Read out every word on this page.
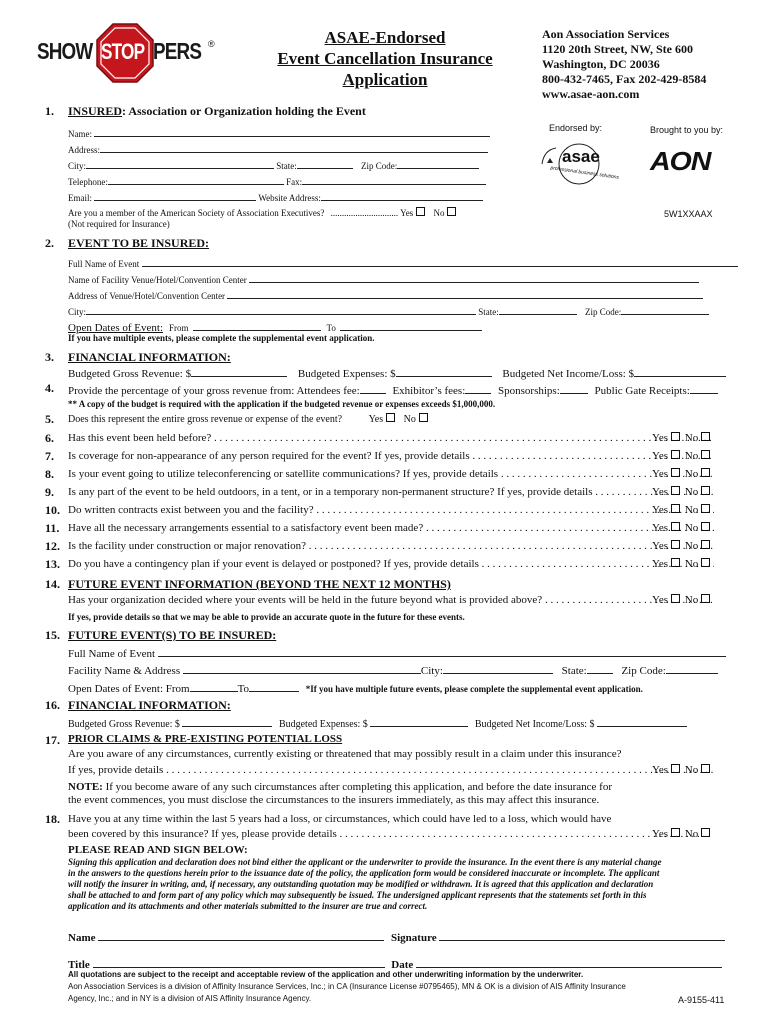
SHOW STOP PERS ®	ASAE-Endorsed
Event Cancellation Insurance
Application
Aon Association Services
1120 20th Street, NW, Ste 600
Washington, DC 20036
800-432-7465, Fax 202-429-8584
www.asae-aon.com
1. INSURED: Association or Organization holding the Event
Name:
Address:
City:	State:	Zip Code:
Telephone:	Fax:
Email:	Website Address:
Are you a member of the American Society of Association Executives? .............................. Yes No
(Not required for Insurance)
Endorsed by:	Brought to you by:
asae
professional business solutions AON
5W1XXAAX
2. EVENT TO BE INSURED:
Full Name of Event
Name of Facility Venue/Hotel/Convention Center
Address of Venue/Hotel/Convention Center
City:	State:	Zip Code:
Open Dates of Event: From	To
If you have multiple events, please complete the supplemental event application.
3. FINANCIAL INFORMATION:
Budgeted Gross Revenue: $	Budgeted Expenses: $	Budgeted Net Income/Loss: $
4. Provide the percentage of your gross revenue from: Attendees fee:	Exhibitor’s fees:	Sponsorships:	Public Gate Receipts:
** A copy of the budget is required with the application if the budgeted revenue or expenses exceeds $1,000,000.
5. Does this represent the entire gross revenue or expense of the event?	Yes No
6. Has this event been held before? . . .	Yes No
7. Is coverage for non-appearance of any person required for the event? If yes, provide details . . .	Yes No
8. Is your event going to utilize teleconferencing or satellite communications? If yes, provide details . . .	Yes No
9. Is any part of the event to be held outdoors, in a tent, or in a temporary non-permanent structure? If yes, provide details . . .	Yes No
10. Do written contracts exist between you and the facility? . . .	Yes No
11. Have all the necessary arrangements essential to a satisfactory event been made? . . .	Yes No
12. Is the facility under construction or major renovation? . . .	Yes No
13. Do you have a contingency plan if your event is delayed or postponed? If yes, provide details . . .	Yes No
14. FUTURE EVENT INFORMATION (BEYOND THE NEXT 12 MONTHS)
Has your organization decided where your events will be held in the future beyond what is provided above? . . .	Yes No
If yes, provide details so that we may be able to provide an accurate quote in the future for these events.
15. FUTURE EVENT(S) TO BE INSURED:
Full Name of Event
Facility Name & Address	City:	State:	Zip Code:
Open Dates of Event: From	To	*If you have multiple future events, please complete the supplemental event application.
16. FINANCIAL INFORMATION:
Budgeted Gross Revenue: $	Budgeted Expenses: $	Budgeted Net Income/Loss: $
17. PRIOR CLAIMS & PRE-EXISTING POTENTIAL LOSS
Are you aware of any circumstances, currently existing or threatened that may possibly result in a claim under this insurance?
If yes, provide details . . .	Yes No
NOTE: If you become aware of any such circumstances after completing this application, and before the date insurance for
the event commences, you must disclose the circumstances to the insurers immediately, as this may affect this insurance.
18. Have you at any time within the last 5 years had a loss, or circumstances, which could have led to a loss, which would have
been covered by this insurance? If yes, please provide details . . .	Yes No
PLEASE READ AND SIGN BELOW:
Signing this application and declaration does not bind either the applicant or the underwriter to provide the insurance. In the event there is any material change
in the answers to the questions herein prior to the issuance date of the policy, the application form would be considered inaccurate or incomplete. The applicant
will notify the insurer in writing, and, if necessary, any outstanding quotation may be modified or withdrawn. It is agreed that this application and declaration
shall be attached to and form part of any policy which may subsequently be issued. The undersigned applicant represents that the statements set forth in this
application and its attachments and other materials submitted to the insurer are true and correct.
Name	Signature
Title	Date
All quotations are subject to the receipt and acceptable review of the application and other underwriting information by the underwriter.
Aon Association Services is a division of Affinity Insurance Services, Inc.; in CA (Insurance License #0795465), MN & OK is a division of AIS Affinity Insurance
Agency, Inc.; and in NY is a division of AIS Affinity Insurance Agency.	A-9155-411
